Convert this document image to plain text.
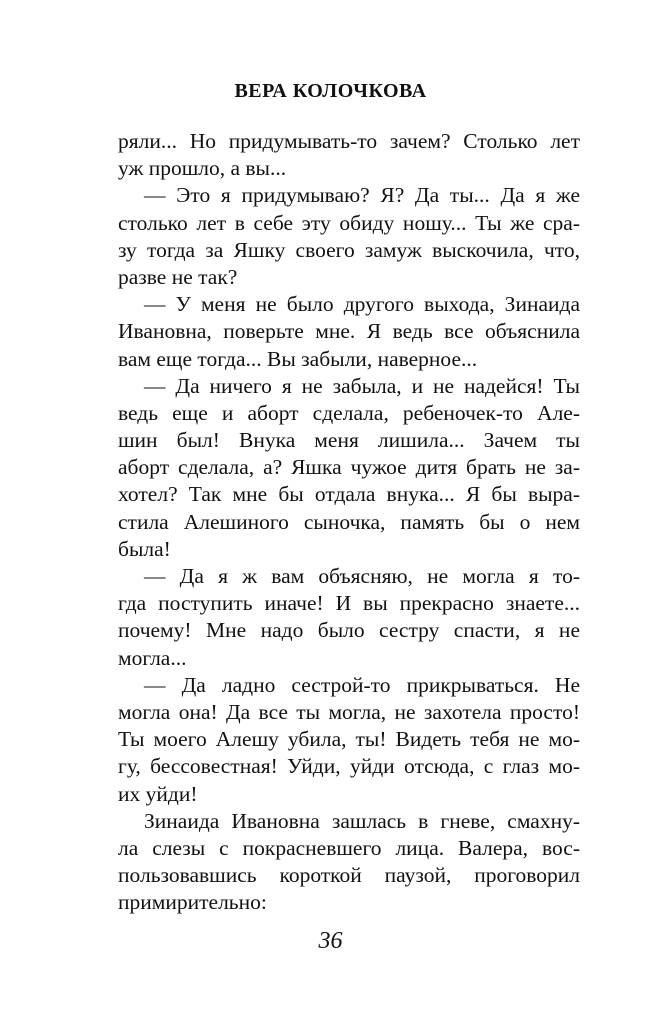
ВЕРА КОЛОЧКОВА
ряли... Но придумывать-то зачем? Столько лет
уж прошло, а вы...
— Это я придумываю? Я? Да ты... Да я же
столько лет в себе эту обиду ношу... Ты же сра-
зу тогда за Яшку своего замуж выскочила, что,
разве не так?
— У меня не было другого выхода, Зинаида
Ивановна, поверьте мне. Я ведь все объяснила
вам еще тогда... Вы забыли, наверное...
— Да ничего я не забыла, и не надейся! Ты
ведь еще и аборт сделала, ребеночек-то Але-
шин был! Внука меня лишила... Зачем ты
аборт сделала, а? Яшка чужое дитя брать не за-
хотел? Так мне бы отдала внука... Я бы выра-
стила Алешиного сыночка, память бы о нем
была!
— Да я ж вам объясняю, не могла я то-
гда поступить иначе! И вы прекрасно знаете...
почему! Мне надо было сестру спасти, я не
могла...
— Да ладно сестрой-то прикрываться. Не
могла она! Да все ты могла, не захотела просто!
Ты моего Алешу убила, ты! Видеть тебя не мо-
гу, бессовестная! Уйди, уйди отсюда, с глаз мо-
их уйди!
Зинаида Ивановна зашлась в гневе, смахну-
ла слезы с покрасневшего лица. Валера, вос-
пользовавшись короткой паузой, проговорил
примирительно:
36
